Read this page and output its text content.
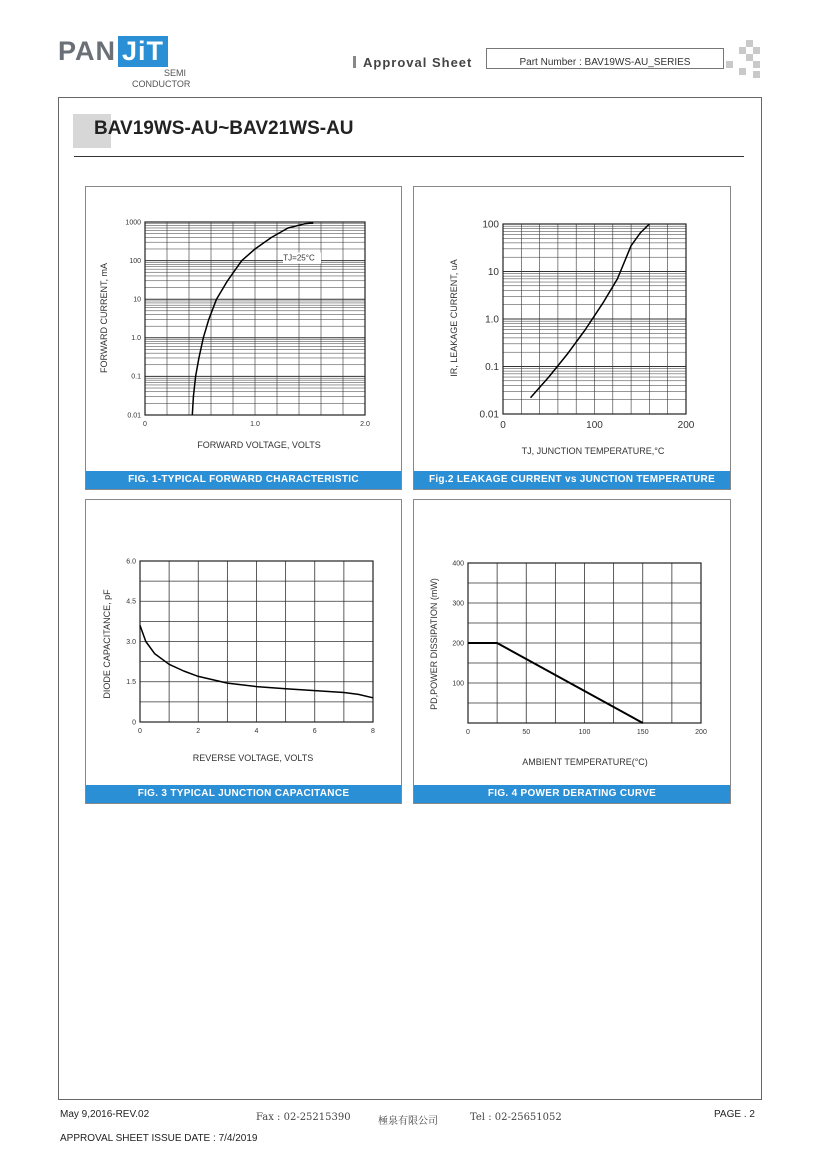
PAN JiT
SEMI
CONDUCTOR
Approval Sheet	Part Number : BAV19WS-AU_SERIES
BAV19WS-AU~BAV21WS-AU
FIG. 1-TYPICAL FORWARD CHARACTERISTIC	Fig.2 LEAKAGE CURRENT vs JUNCTION TEMPERATURE
FIG. 3 TYPICAL JUNCTION CAPACITANCE	FIG. 4 POWER DERATING CURVE
0	1.0	2.0
0.01
0.1
1.0
10
100
1000
FORWARD VOLTAGE, VOLTS
FORWARD CURRENT, mA
TJ=25°C
0	100	200
0.01
0.1
1.0
10
100
TJ, JUNCTION TEMPERATURE,°C
IR, LEAKAGE CURRENT, uA
0	2	4	6	8
0
1.5
3.0
4.5
6.0
REVERSE VOLTAGE, VOLTS
DIODE CAPACITANCE, pF
0	50	100	150	200
100
200
300
400
AMBIENT TEMPERATURE(°C)
PD,POWER DISSIPATION (mW)
May 9,2016-REV.02	Fax : 02-25215390	極泉有限公司	Tel : 02-25651052	PAGE . 2
APPROVAL SHEET ISSUE DATE : 7/4/2019
